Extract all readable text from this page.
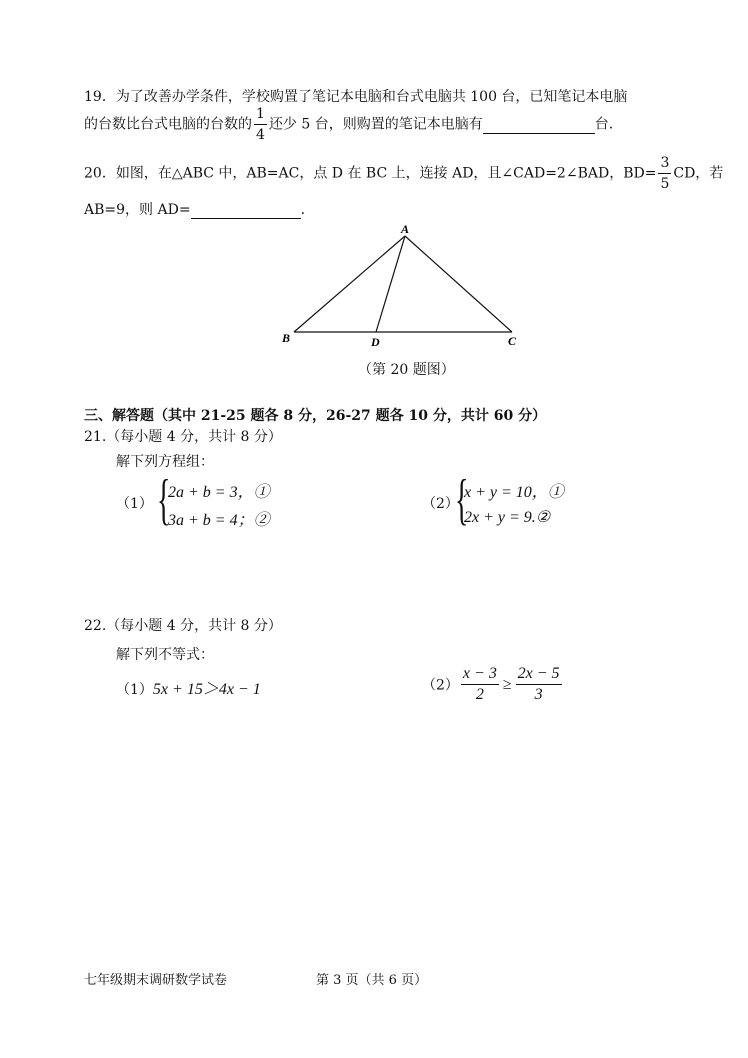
19．为了改善办学条件，学校购置了笔记本电脑和台式电脑共 100 台，已知笔记本电脑
的台数比台式电脑的台数的 $\frac{1}{4}$ 还少 5 台，则购置的笔记本电脑有	台.
20．如图，在△ABC 中，AB=AC，点 D 在 BC 上，连接 AD，且∠CAD=2∠BAD，$BD= \frac{3}{5}$ CD，若
AB=9，则 AD=	.
A
B	C
D
（第 20 题图）
三、解答题（其中 21-25 题各 8 分，26-27 题各 10 分，共计 60 分）
21.（每小题 4 分，共计 8 分）
解下列方程组：
（1） {
2a + b = 3，①
3a + b = 4；②
（2）
{
x + y = 10，①
2x + y = 9.②
22.（每小题 4 分，共计 8 分）
解下列不等式：
（1）5x + 15＞4x − 1	$(2) \frac{x - 3}{2} \ge \frac{2x - 5}{3}$
七年级期末调研数学试卷	第 3 页（共 6 页）
